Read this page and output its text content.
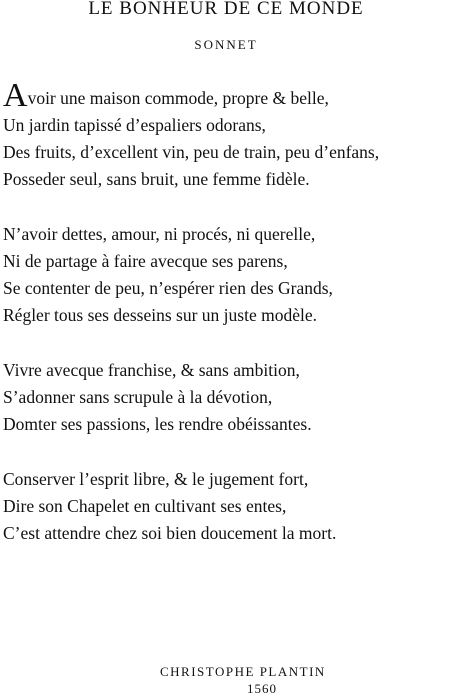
LE BONHEUR DE CE MONDE
SONNET
Avoir une maison commode, propre & belle,
Un jardin tapissé d’espaliers odorans,
Des fruits, d’excellent vin, peu de train, peu d’enfans,
Posseder seul, sans bruit, une femme fidèle.
N’avoir dettes, amour, ni procés, ni querelle,
Ni de partage à faire avecque ses parens,
Se contenter de peu, n’espérer rien des Grands,
Régler tous ses desseins sur un juste modèle.
Vivre avecque franchise, & sans ambition,
S’adonner sans scrupule à la dévotion,
Domter ses passions, les rendre obéissantes.
Conserver l’esprit libre, & le jugement fort,
Dire son Chapelet en cultivant ses entes,
C’est attendre chez soi bien doucement la mort.
CHRISTOPHE PLANTIN
1560
